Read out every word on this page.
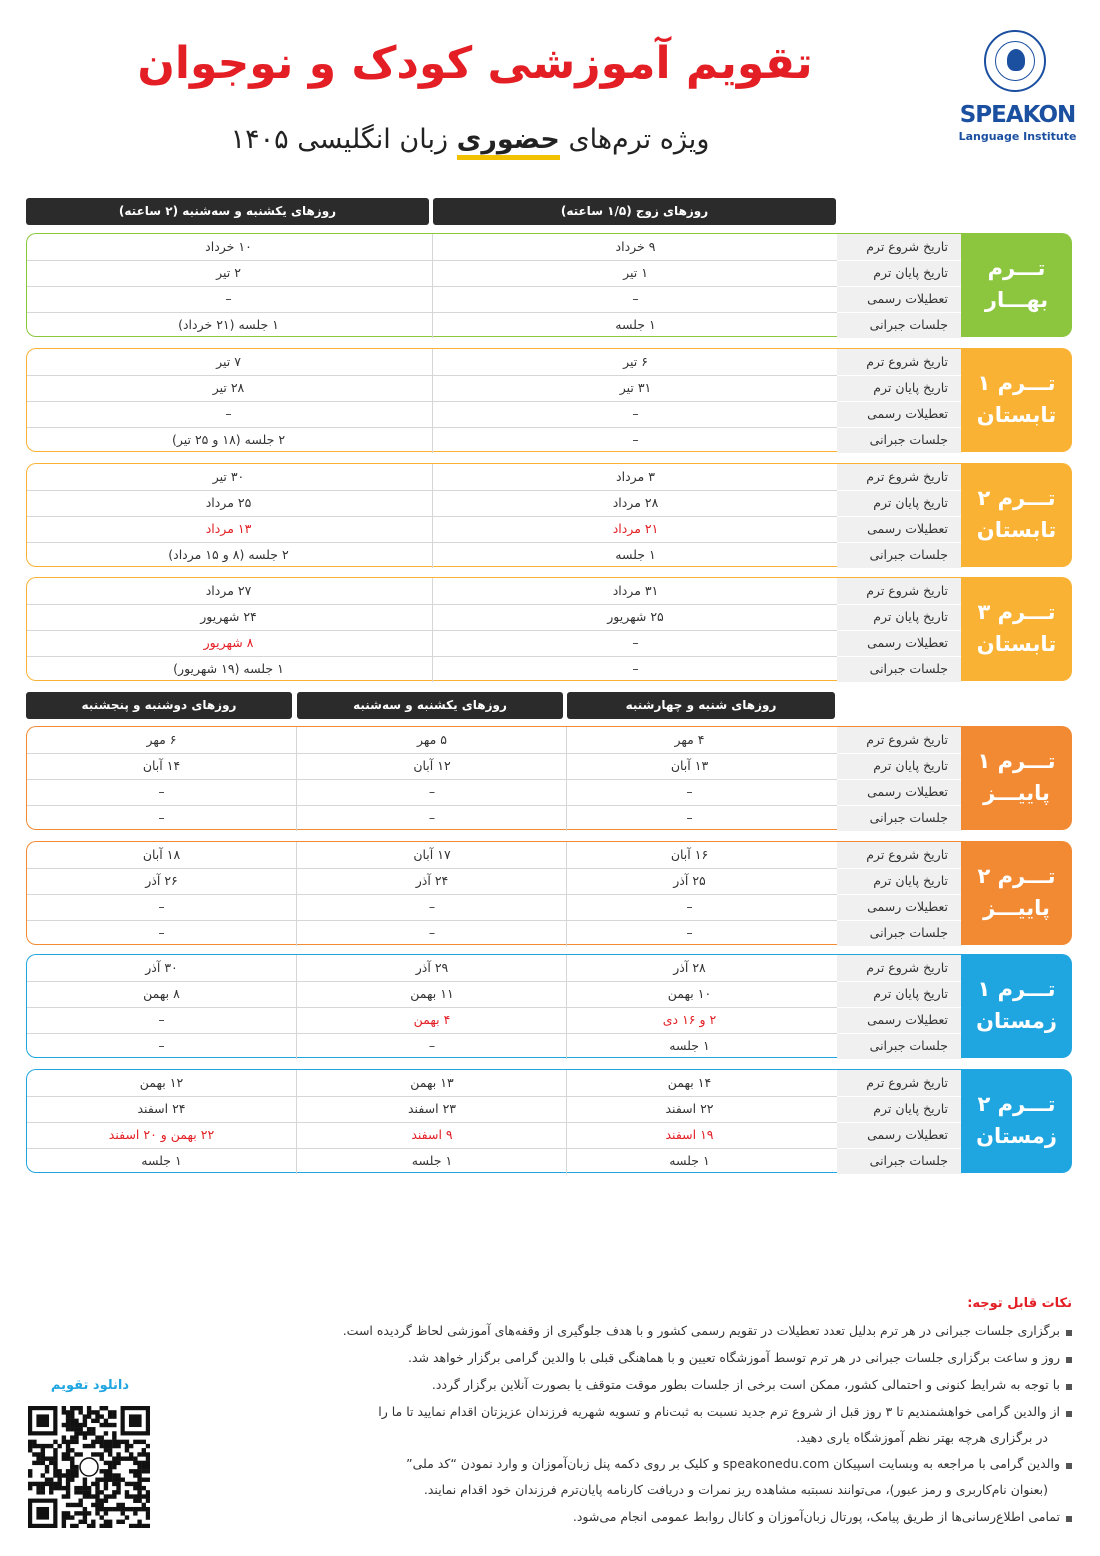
تقویم آموزشی کودک و نوجوان
ویژه ترم‌های حضوری زبان انگلیسی ۱۴۰۵
SPEAKON
Language Institute
روزهای زوج (۱/۵ ساعته)
روزهای یکشنبه و سه‌شنبه (۲ ساعته)
روزهای شنبه و چهارشنبه
روزهای یکشنبه و سه‌شنبه
روزهای دوشنبه و پنجشنبه
تاریخ شروع ترم
۹ خرداد
۱۰ خرداد
تاریخ پایان ترم
۱ تیر
۲ تیر
تعطیلات رسمی
–
–
جلسات جبرانی
۱ جلسه
۱ جلسه (۲۱ خرداد)
تـــرم
بهـــار
تاریخ شروع ترم
۶ تیر
۷ تیر
تاریخ پایان ترم
۳۱ تیر
۲۸ تیر
تعطیلات رسمی
–
–
جلسات جبرانی
–
۲ جلسه (۱۸ و ۲۵ تیر)
تـــرم ۱
تابستان
تاریخ شروع ترم
۳ مرداد
۳۰ تیر
تاریخ پایان ترم
۲۸ مرداد
۲۵ مرداد
تعطیلات رسمی
۲۱ مرداد
۱۳ مرداد
جلسات جبرانی
۱ جلسه
۲ جلسه (۸ و ۱۵ مرداد)
تـــرم ۲
تابستان
تاریخ شروع ترم
۳۱ مرداد
۲۷ مرداد
تاریخ پایان ترم
۲۵ شهریور
۲۴ شهریور
تعطیلات رسمی
–
۸ شهریور
جلسات جبرانی
–
۱ جلسه (۱۹ شهریور)
تـــرم ۳
تابستان
تاریخ شروع ترم
۴ مهر
۵ مهر
۶ مهر
تاریخ پایان ترم
۱۳ آبان
۱۲ آبان
۱۴ آبان
تعطیلات رسمی
–
–
–
جلسات جبرانی
–
–
–
تـــرم ۱
پاییـــز
تاریخ شروع ترم
۱۶ آبان
۱۷ آبان
۱۸ آبان
تاریخ پایان ترم
۲۵ آذر
۲۴ آذر
۲۶ آذر
تعطیلات رسمی
–
–
–
جلسات جبرانی
–
–
–
تـــرم ۲
پاییـــز
تاریخ شروع ترم
۲۸ آذر
۲۹ آذر
۳۰ آذر
تاریخ پایان ترم
۱۰ بهمن
۱۱ بهمن
۸ بهمن
تعطیلات رسمی
۲ و ۱۶ دی
۴ بهمن
–
جلسات جبرانی
۱ جلسه
–
–
تـــرم ۱
زمستان
تاریخ شروع ترم
۱۴ بهمن
۱۳ بهمن
۱۲ بهمن
تاریخ پایان ترم
۲۲ اسفند
۲۳ اسفند
۲۴ اسفند
تعطیلات رسمی
۱۹ اسفند
۹ اسفند
۲۲ بهمن و ۲۰ اسفند
جلسات جبرانی
۱ جلسه
۱ جلسه
۱ جلسه
تـــرم ۲
زمستان
نکات قابل توجه:
برگزاری جلسات جبرانی در هر ترم بدلیل تعدد تعطیلات در تقویم رسمی کشور و با هدف جلوگیری از وقفه‌های آموزشی لحاظ گردیده است.
روز و ساعت برگزاری جلسات جبرانی در هر ترم توسط آموزشگاه تعیین و با هماهنگی قبلی با والدین گرامی برگزار خواهد شد.
با توجه به شرایط کنونی و احتمالی کشور، ممکن است برخی از جلسات بطور موقت متوقف یا بصورت آنلاین برگزار گردد.
از والدین گرامی خواهشمندیم تا ۳ روز قبل از شروع ترم جدید نسبت به ثبت‌نام و تسویه شهریه فرزندان عزیزتان اقدام نمایید تا ما را
در برگزاری هرچه بهتر نظم آموزشگاه یاری دهید.
والدین گرامی با مراجعه به وبسایت اسپیکان speakonedu.com و کلیک بر روی دکمه پنل زبان‌آموزان و وارد نمودن “کد ملی”
(بعنوان نام‌کاربری و رمز عبور)، می‌توانند نسبتبه مشاهده ریز نمرات و دریافت کارنامه پایان‌ترم فرزندان خود اقدام نمایند.
تمامی اطلاع‌رسانی‌ها از طریق پیامک، پورتال زبان‌آموزان و کانال روابط عمومی انجام می‌شود.
دانلود تقویم
